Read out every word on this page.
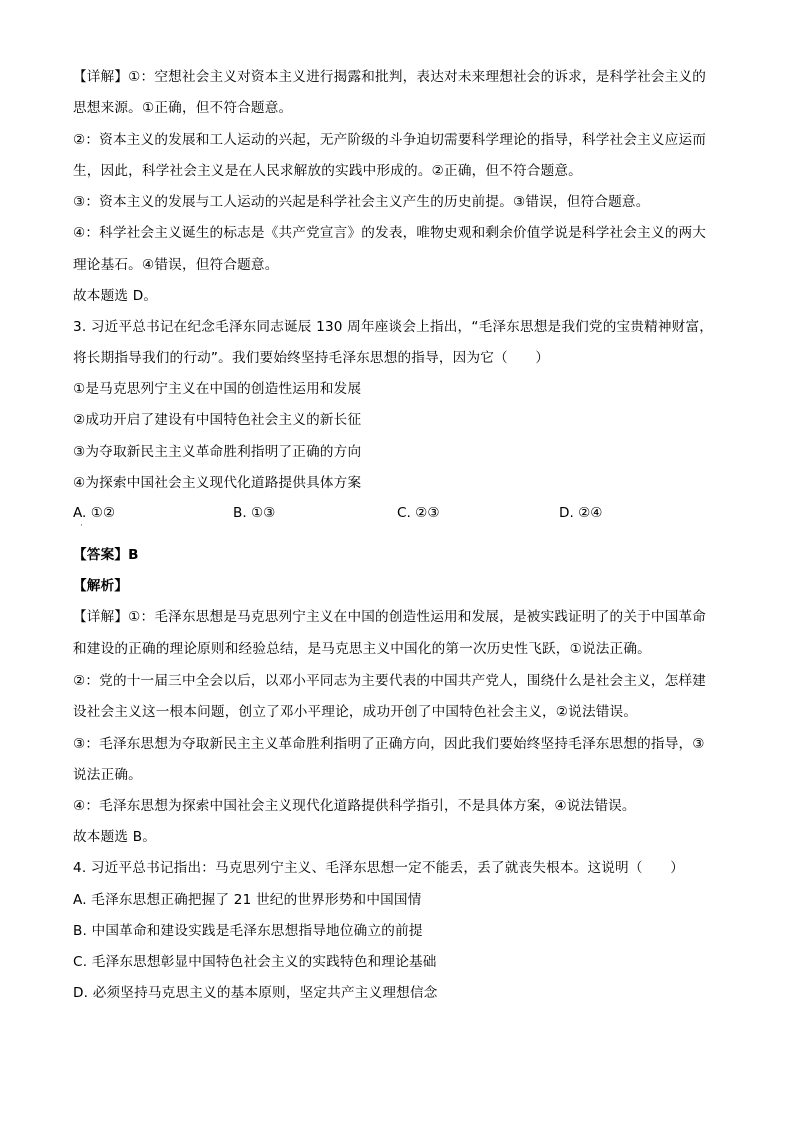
【详解】①：空想社会主义对资本主义进行揭露和批判，表达对未来理想社会的诉求，是科学社会主义的
思想来源。①正确，但不符合题意。
②：资本主义的发展和工人运动的兴起，无产阶级的斗争迫切需要科学理论的指导，科学社会主义应运而
生，因此，科学社会主义是在人民求解放的实践中形成的。②正确，但不符合题意。
③：资本主义的发展与工人运动的兴起是科学社会主义产生的历史前提。③错误，但符合题意。
④：科学社会主义诞生的标志是《共产党宣言》的发表，唯物史观和剩余价值学说是科学社会主义的两大
理论基石。④错误，但符合题意。
故本题选 D。
3. 习近平总书记在纪念毛泽东同志诞辰 130 周年座谈会上指出，“毛泽东思想是我们党的宝贵精神财富，
将长期指导我们的行动”。我们要始终坚持毛泽东思想的指导，因为它（　　）
①是马克思列宁主义在中国的创造性运用和发展
②成功开启了建设有中国特色社会主义的新长征
③为夺取新民主主义革命胜利指明了正确的方向
④为探索中国社会主义现代化道路提供具体方案
A. ①②	B. ①③	C. ②③	D. ②④
·
【答案】B
【解析】
【详解】①：毛泽东思想是马克思列宁主义在中国的创造性运用和发展，是被实践证明了的关于中国革命
和建设的正确的理论原则和经验总结，是马克思主义中国化的第一次历史性飞跃，①说法正确。
②：党的十一届三中全会以后，以邓小平同志为主要代表的中国共产党人，围绕什么是社会主义，怎样建
设社会主义这一根本问题，创立了邓小平理论，成功开创了中国特色社会主义，②说法错误。
③：毛泽东思想为夺取新民主主义革命胜利指明了正确方向，因此我们要始终坚持毛泽东思想的指导，③
说法正确。
④：毛泽东思想为探索中国社会主义现代化道路提供科学指引，不是具体方案，④说法错误。
故本题选 B。
4. 习近平总书记指出：马克思列宁主义、毛泽东思想一定不能丢，丢了就丧失根本。这说明（　　）
A. 毛泽东思想正确把握了 21 世纪的世界形势和中国国情
B. 中国革命和建设实践是毛泽东思想指导地位确立的前提
C. 毛泽东思想彰显中国特色社会主义的实践特色和理论基础
D. 必须坚持马克思主义的基本原则，坚定共产主义理想信念
